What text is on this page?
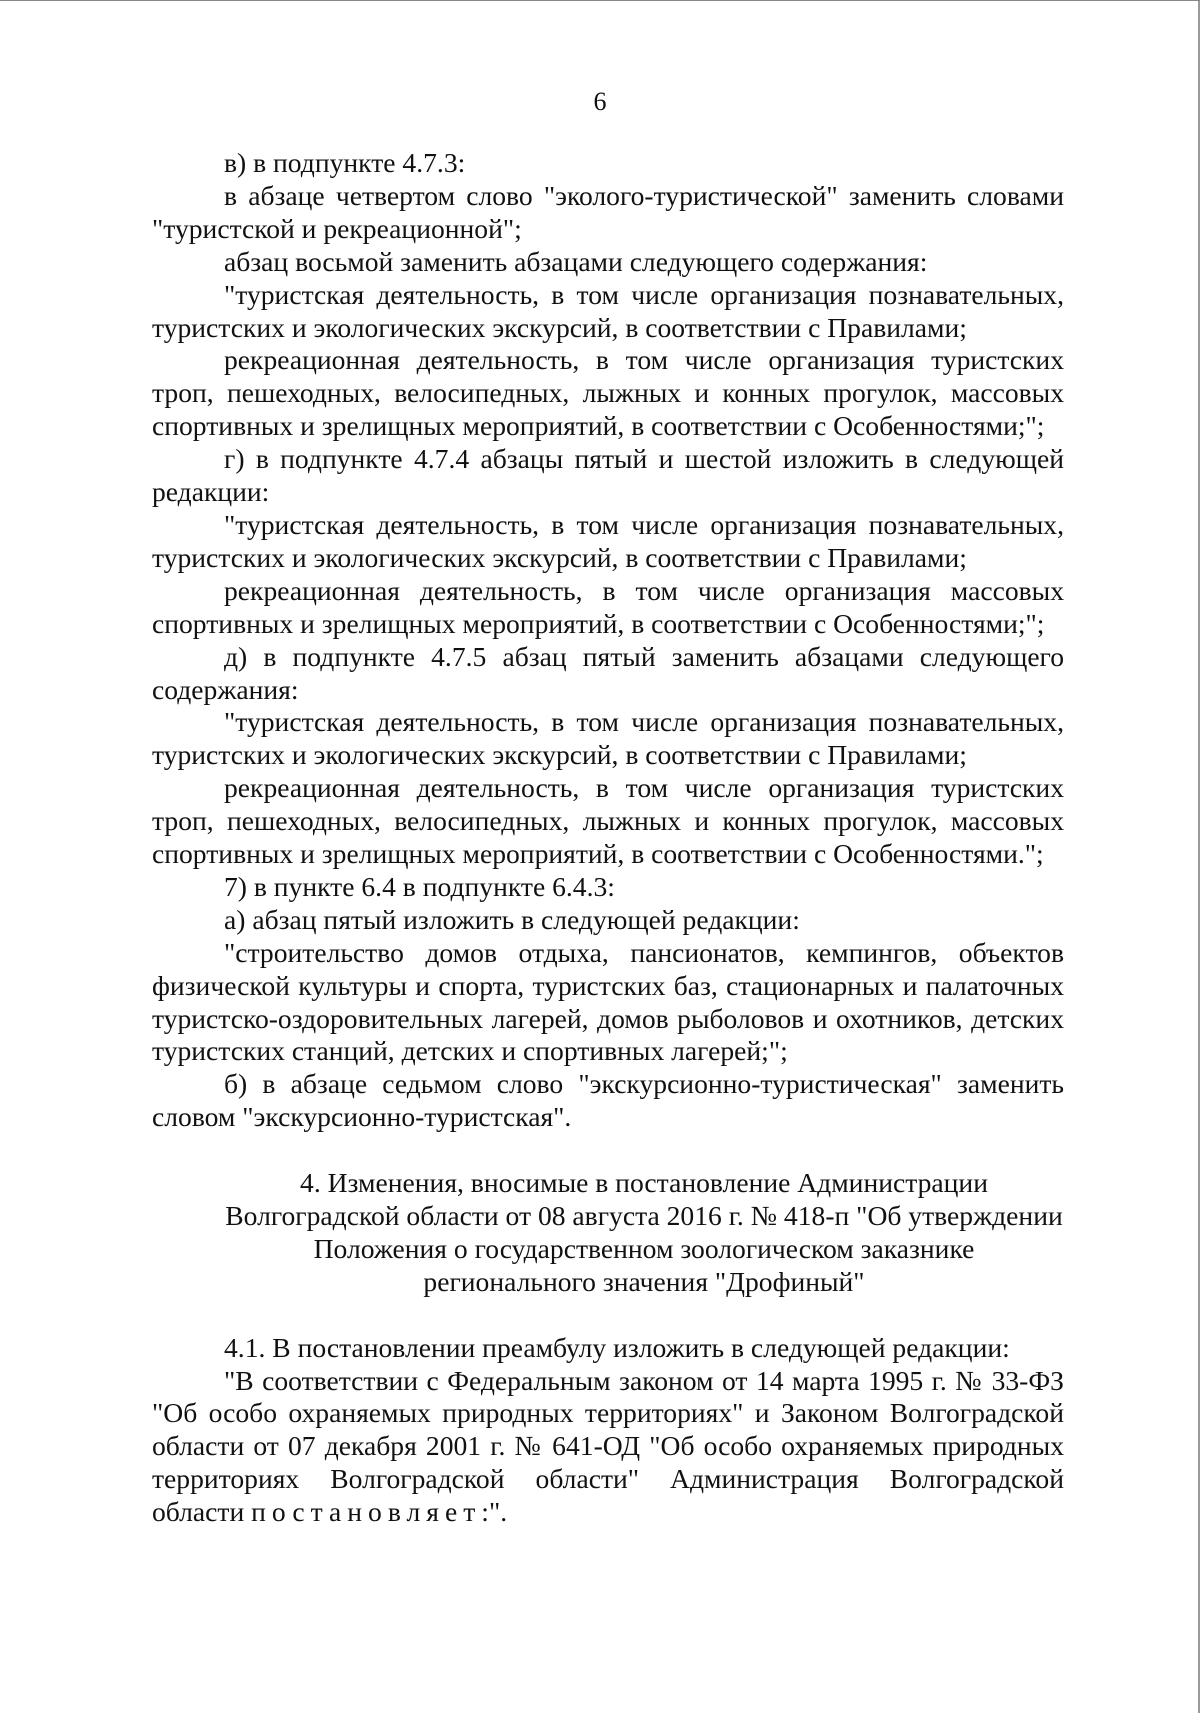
6

в) в подпункте 4.7.3:

в абзаце четвертом слово "эколого-туристической" заменить словами "туристской и рекреационной";

абзац восьмой заменить абзацами следующего содержания:

"туристская деятельность, в том числе организация познавательных, туристских и экологических экскурсий, в соответствии с Правилами;

рекреационная деятельность, в том числе организация туристских троп, пешеходных, велосипедных, лыжных и конных прогулок, массовых спортивных и зрелищных мероприятий, в соответствии с Особенностями;";

г) в подпункте 4.7.4 абзацы пятый и шестой изложить в следующей редакции:

"туристская деятельность, в том числе организация познавательных, туристских и экологических экскурсий, в соответствии с Правилами;

рекреационная деятельность, в том числе организация массовых спортивных и зрелищных мероприятий, в соответствии с Особенностями;";

д) в подпункте 4.7.5 абзац пятый заменить абзацами следующего содержания:

"туристская деятельность, в том числе организация познавательных, туристских и экологических экскурсий, в соответствии с Правилами;

рекреационная деятельность, в том числе организация туристских троп, пешеходных, велосипедных, лыжных и конных прогулок, массовых спортивных и зрелищных мероприятий, в соответствии с Особенностями.";

7) в пункте 6.4 в подпункте 6.4.3:

а) абзац пятый изложить в следующей редакции:

"строительство домов отдыха, пансионатов, кемпингов, объектов физической культуры и спорта, туристских баз, стационарных и палаточных туристско-оздоровительных лагерей, домов рыболовов и охотников, детских туристских станций, детских и спортивных лагерей;";

б) в абзаце седьмом слово "экскурсионно-туристическая" заменить словом "экскурсионно-туристская".

4. Изменения, вносимые в постановление Администрации
Волгоградской области от 08 августа 2016 г. № 418-п "Об утверждении
Положения о государственном зоологическом заказнике
регионального значения "Дрофиный"

4.1. В постановлении преамбулу изложить в следующей редакции:

"В соответствии с Федеральным законом от 14 марта 1995 г. № 33-ФЗ "Об особо охраняемых природных территориях" и Законом Волгоградской области от 07 декабря 2001 г. № 641-ОД "Об особо охраняемых природных территориях Волгоградской области" Администрация Волгоградской области постановляет:".
